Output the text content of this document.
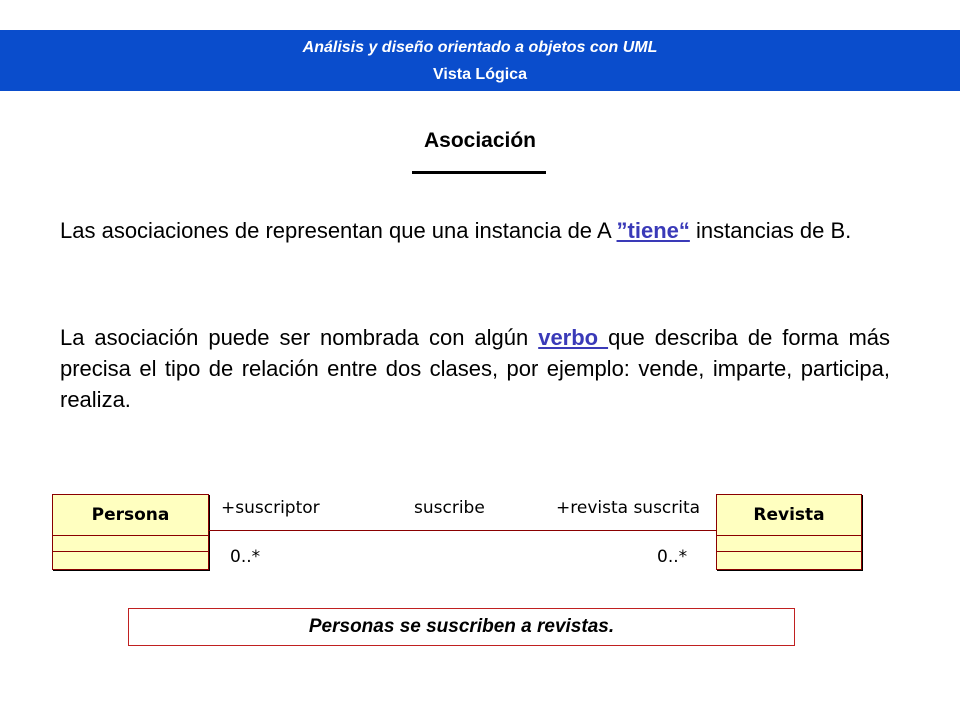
Análisis y diseño orientado a objetos con UML
Vista Lógica
Asociación
Las asociaciones de representan que una instancia de A ”tiene“ instancias de B.
La asociación puede ser nombrada con algún verbo que describa de forma más precisa el tipo de relación entre dos clases, por ejemplo: vende, imparte, participa, realiza.
Persona	Revista
+suscriptor	suscribe	+revista suscrita
0..*	0..*
Personas se suscriben a revistas.
